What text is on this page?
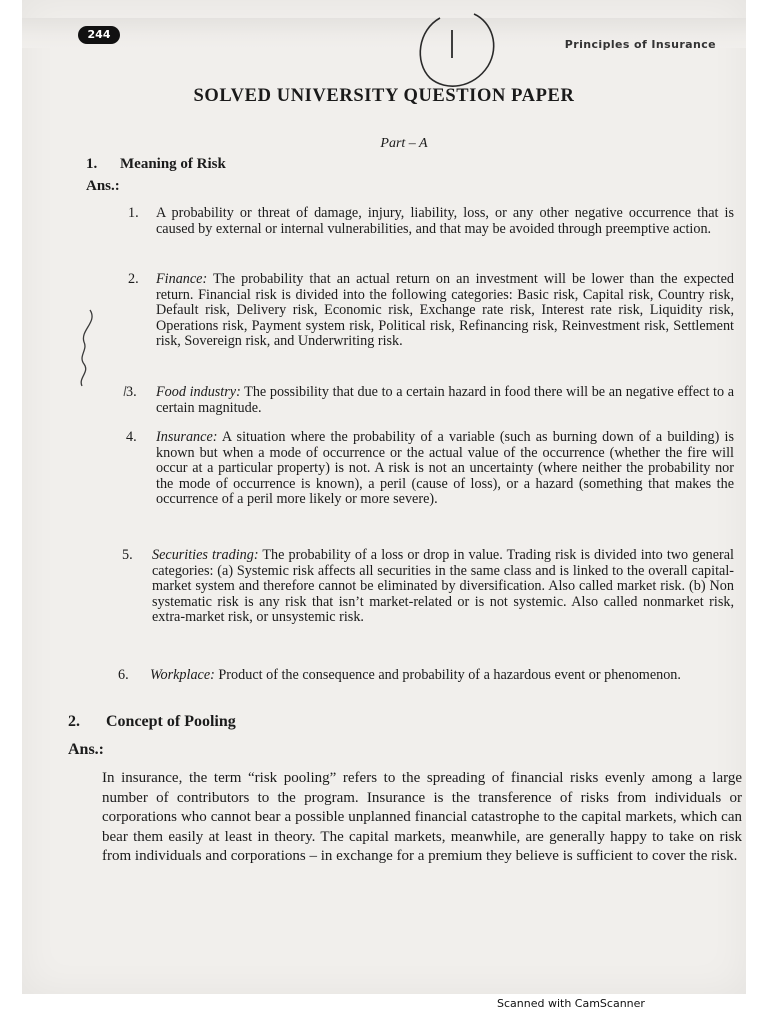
244
Principles of Insurance
SOLVED UNIVERSITY QUESTION PAPER
Part – A
1. Meaning of Risk
Ans.:
1.	A probability or threat of damage, injury, liability, loss, or any other negative occurrence that is caused by external or internal vulnerabilities, and that may be avoided through preemptive action.
2.	Finance: The probability that an actual return on an investment will be lower than the expected return. Financial risk is divided into the following categories: Basic risk, Capital risk, Country risk, Default risk, Delivery risk, Economic risk, Exchange rate risk, Interest rate risk, Liquidity risk, Operations risk, Payment system risk, Political risk, Refinancing risk, Reinvestment risk, Settlement risk, Sovereign risk, and Underwriting risk.
3.	Food industry: The possibility that due to a certain hazard in food there will be an negative effect to a certain magnitude.
4.	Insurance: A situation where the probability of a variable (such as burning down of a building) is known but when a mode of occurrence or the actual value of the occurrence (whether the fire will occur at a particular property) is not. A risk is not an uncertainty (where neither the probability nor the mode of occurrence is known), a peril (cause of loss), or a hazard (something that makes the occurrence of a peril more likely or more severe).
5.	Securities trading: The probability of a loss or drop in value. Trading risk is divided into two general categories: (a) Systemic risk affects all securities in the same class and is linked to the overall capital-market system and therefore cannot be eliminated by diversification. Also called market risk. (b) Non systematic risk is any risk that isn’t market-related or is not systemic. Also called nonmarket risk, extra-market risk, or unsystemic risk.
6.	Workplace: Product of the consequence and probability of a hazardous event or phenomenon.
2. Concept of Pooling
Ans.:
In insurance, the term “risk pooling” refers to the spreading of financial risks evenly among a large number of contributors to the program. Insurance is the transference of risks from individuals or corporations who cannot bear a possible unplanned financial catastrophe to the capital markets, which can bear them easily at least in theory. The capital markets, meanwhile, are generally happy to take on risk from individuals and corporations – in exchange for a premium they believe is sufficient to cover the risk.
Scanned with CamScanner
